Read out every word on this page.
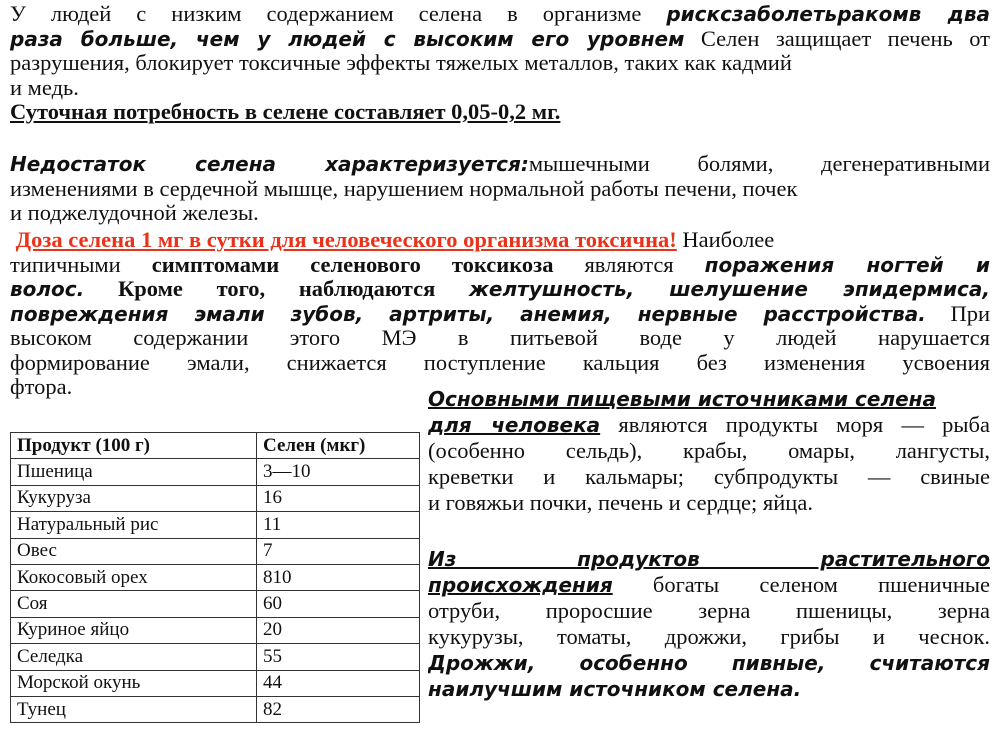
У людей с низким содержанием селена в организме рисксзаболетьракомв два
раза больше, чем у людей с высоким его уровнем Селен защищает печень от
разрушения, блокирует токсичные эффекты тяжелых металлов, таких как кадмий
и медь.
Суточная потребность в селене составляет 0,05-0,2 мг.
Недостаток селена характеризуется:мышечными болями, дегенеративными
изменениями в сердечной мышце, нарушением нормальной работы печени, почек
и поджелудочной железы.
Доза селена 1 мг в сутки для человеческого организма токсична! Наиболее
типичными симптомами селенового токсикоза являются поражения ногтей и
волос. Кроме того, наблюдаются желтушность, шелушение эпидермиса,
повреждения эмали зубов, артриты, анемия, нервные расстройства. При
высоком содержании этого МЭ в питьевой воде у людей нарушается
формирование эмали, снижается поступление кальция без изменения усвоения
фтора.
Продукт (100 г)	Селен (мкг)
Пшеница	3—10
Кукуруза	16
Натуральный рис	11
Овес	7
Кокосовый орех	810
Соя	60
Куриное яйцо	20
Селедка	55
Морской окунь	44
Тунец	82
Основными пищевыми источниками селена
для человека являются продукты моря — рыба
(особенно сельдь), крабы, омары, лангусты,
креветки и кальмары; субпродукты — свиные
и говяжьи почки, печень и сердце; яйца.
Из продуктов растительного
происхождения богаты селеном пшеничные
отруби, проросшие зерна пшеницы, зерна
кукурузы, томаты, дрожжи, грибы и чеснок.
Дрожжи, особенно пивные, считаются
наилучшим источником селена.
